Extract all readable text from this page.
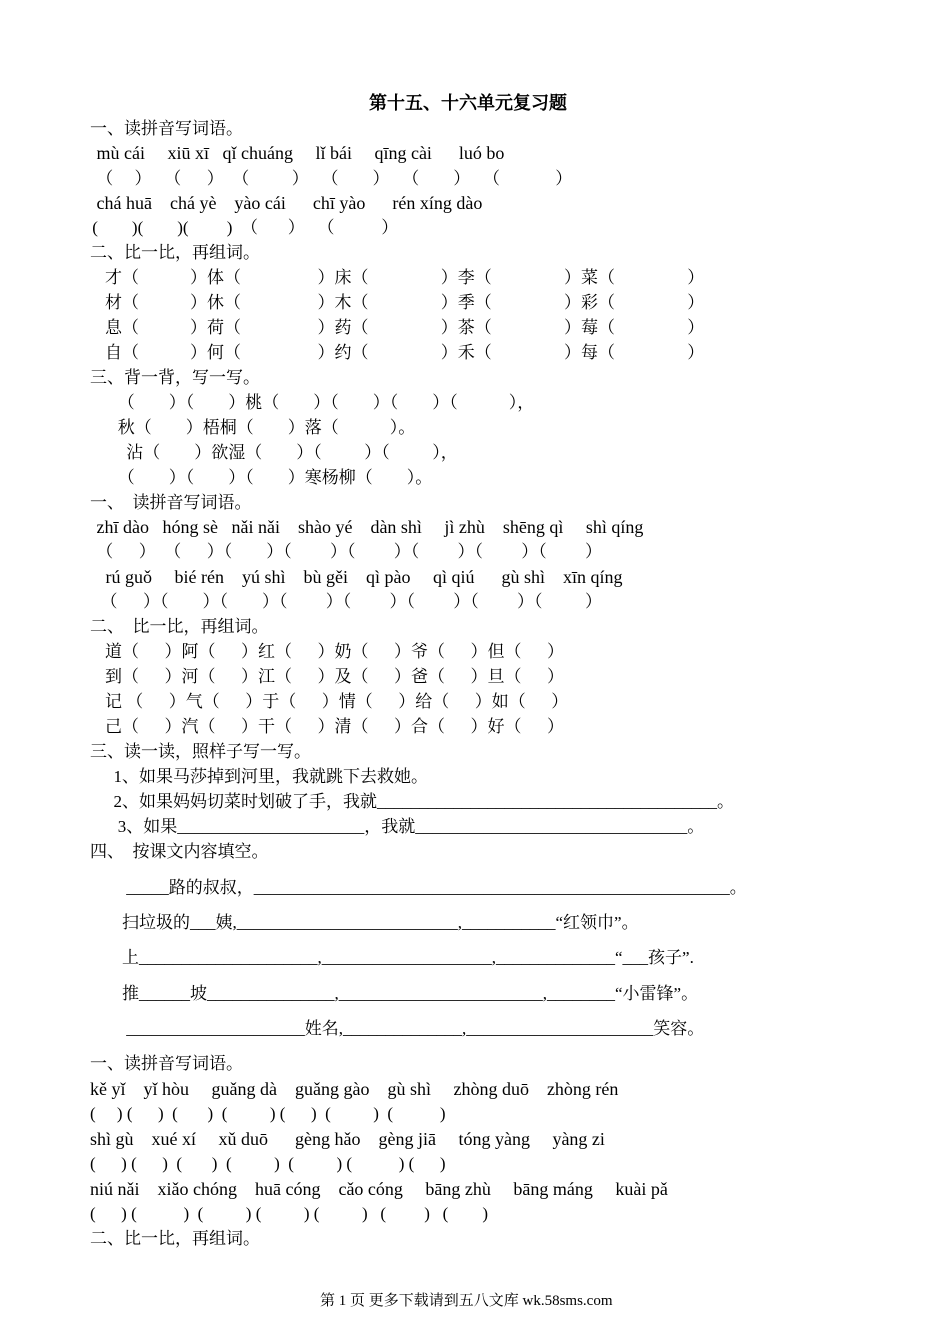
第十五、十六单元复习题
一、读拼音写词语。
mù cái     xiū xī   qǐ chuáng     lǐ bái     qīng cài      luó bo
（     ）   （      ）  （          ）   （        ）   （        ）   （             ）
chá huā    chá yè    yào cái      chī yào      rén xíng dào
(        )(        )(         )  （       ）   （           ）
二、比一比，再组词。
才（            ）体（                  ）床（                 ）李（                 ）菜（                 ）
材（            ）休（                  ）木（                 ）季（                 ）彩（                 ）
息（            ）荷（                  ）药（                 ）茶（                 ）莓（                 ）
自（            ）何（                  ）约（                 ）禾（                 ）每（                 ）
三、背一背，写一写。
（        ）（        ）桃（        ）（        ）（        ）（            ），
秋（        ）梧桐（        ）落（            ）。
沾（        ）欲湿（        ）（          ）（          ），
（        ）（        ）（        ）寒杨柳（        ）。
一、  读拼音写词语。
zhī dào   hóng sè   nǎi nǎi    shào yé    dàn shì     jì zhù    shēng qì     shì qíng
（      ）  （      ）（        ）（         ）（         ）（         ）（         ）（         ）
rú guǒ     bié rén    yú shì    bù gěi    qì pào     qì qiú      gù shì    xīn qíng
（      ）（        ）（        ）（         ）（         ）（         ）（         ）（          ）
二、  比一比，再组词。
道（      ）阿（      ）红（      ）奶（      ）爷（      ）但（      ）
到（      ）河（      ）江（      ）及（      ）爸（      ）旦（      ）
记 （      ）气（      ）于（      ）情（      ）给（      ）如（      ）
己（      ）汽（      ）干（      ）清（      ）合（      ）好（      ）
三、读一读，照样子写一写。
1、如果马莎掉到河里，我就跳下去救她。
2、如果妈妈切菜时划破了手，我就________________________________________。
3、如果______________________，我就________________________________。
四、  按课文内容填空。
_____路的叔叔，________________________________________________________。
扫垃圾的___姨,__________________________,___________“红领巾”。
上_____________________,____________________,______________“___孩子”.
推______坡_______________,________________________,________“小雷锋”。
_____________________姓名,______________,______________________笑容。
一、读拼音写词语。
kě yǐ    yǐ hòu     guǎng dà    guǎng gào    gù shì     zhòng duō    zhòng rén
(     ) (      )  (       )  (          ) (      )  (          )  (           )
shì gù    xué xí     xǔ duō      gèng hǎo    gèng jiā     tóng yàng     yàng zi
(      ) (      )  (       )  (          )  (          ) (           ) (      )
niú nǎi    xiǎo chóng    huā cóng    cǎo cóng     bāng zhù     bāng máng     kuài pǎ
(      ) (           )  (          ) (          ) (          )   (         )   (        )
二、比一比，再组词。
第 1 页 更多下载请到五八文库 wk.58sms.com
